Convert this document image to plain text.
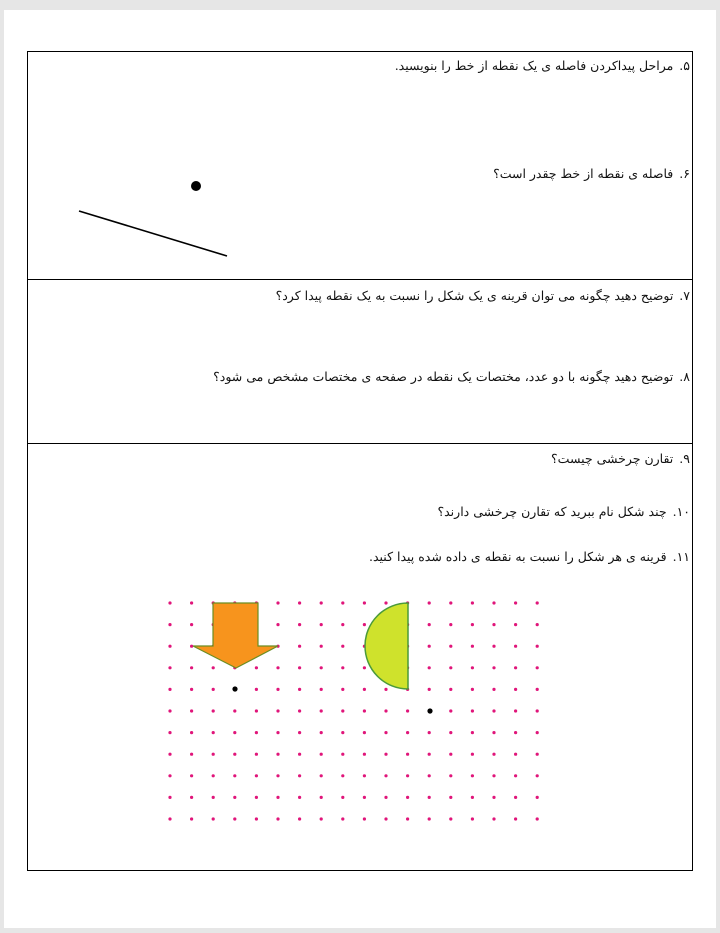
۵.مراحل پیداکردن فاصله ی یک نقطه از خط را بنویسید.
۶.فاصله ی نقطه از خط چقدر است؟
۷.توضیح دهید چگونه می توان قرینه ی یک شکل را نسبت به یک نقطه پیدا کرد؟
۸.توضیح دهید چگونه با دو عدد، مختصات یک نقطه در صفحه ی مختصات مشخص می شود؟
۹.تقارن چرخشی چیست؟
۱۰.چند شکل نام ببرید که تقارن چرخشی دارند؟
۱۱.قرینه ی هر شکل را نسبت به نقطه ی داده شده پیدا کنید.
